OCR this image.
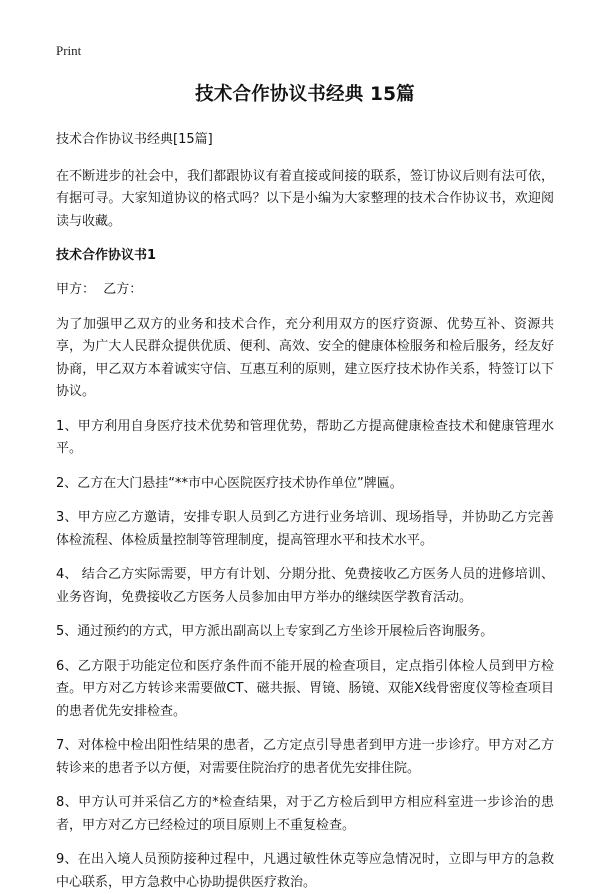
Print
技术合作协议书经典 15篇

技术合作协议书经典[15篇]

在不断进步的社会中，我们都跟协议有着直接或间接的联系，签订协议后则有法可依，有据可寻。大家知道协议的格式吗？以下是小编为大家整理的技术合作协议书，欢迎阅读与收藏。

技术合作协议书1

甲方：  乙方：

为了加强甲乙双方的业务和技术合作，充分利用双方的医疗资源、优势互补、资源共享，为广大人民群众提供优质、便利、高效、安全的健康体检服务和检后服务，经友好协商，甲乙双方本着诚实守信、互惠互利的原则，建立医疗技术协作关系，特签订以下协议。

1、甲方利用自身医疗技术优势和管理优势，帮助乙方提高健康检查技术和健康管理水平。

2、乙方在大门悬挂“**市中心医院医疗技术协作单位”牌匾。

3、甲方应乙方邀请，安排专职人员到乙方进行业务培训、现场指导，并协助乙方完善体检流程、体检质量控制等管理制度，提高管理水平和技术水平。

4、 结合乙方实际需要，甲方有计划、分期分批、免费接收乙方医务人员的进修培训、业务咨询，免费接收乙方医务人员参加由甲方举办的继续医学教育活动。

5、通过预约的方式，甲方派出副高以上专家到乙方坐诊开展检后咨询服务。

6、乙方限于功能定位和医疗条件而不能开展的检查项目，定点指引体检人员到甲方检查。甲方对乙方转诊来需要做CT、磁共振、胃镜、肠镜、双能X线骨密度仪等检查项目的患者优先安排检查。

7、对体检中检出阳性结果的患者，乙方定点引导患者到甲方进一步诊疗。甲方对乙方转诊来的患者予以方便，对需要住院治疗的患者优先安排住院。

8、甲方认可并采信乙方的*检查结果，对于乙方检后到甲方相应科室进一步诊治的患者，甲方对乙方已经检过的项目原则上不重复检查。

9、在出入境人员预防接种过程中，凡遇过敏性休克等应急情况时，立即与甲方的急救中心联系，甲方急救中心协助提供医疗救治。
